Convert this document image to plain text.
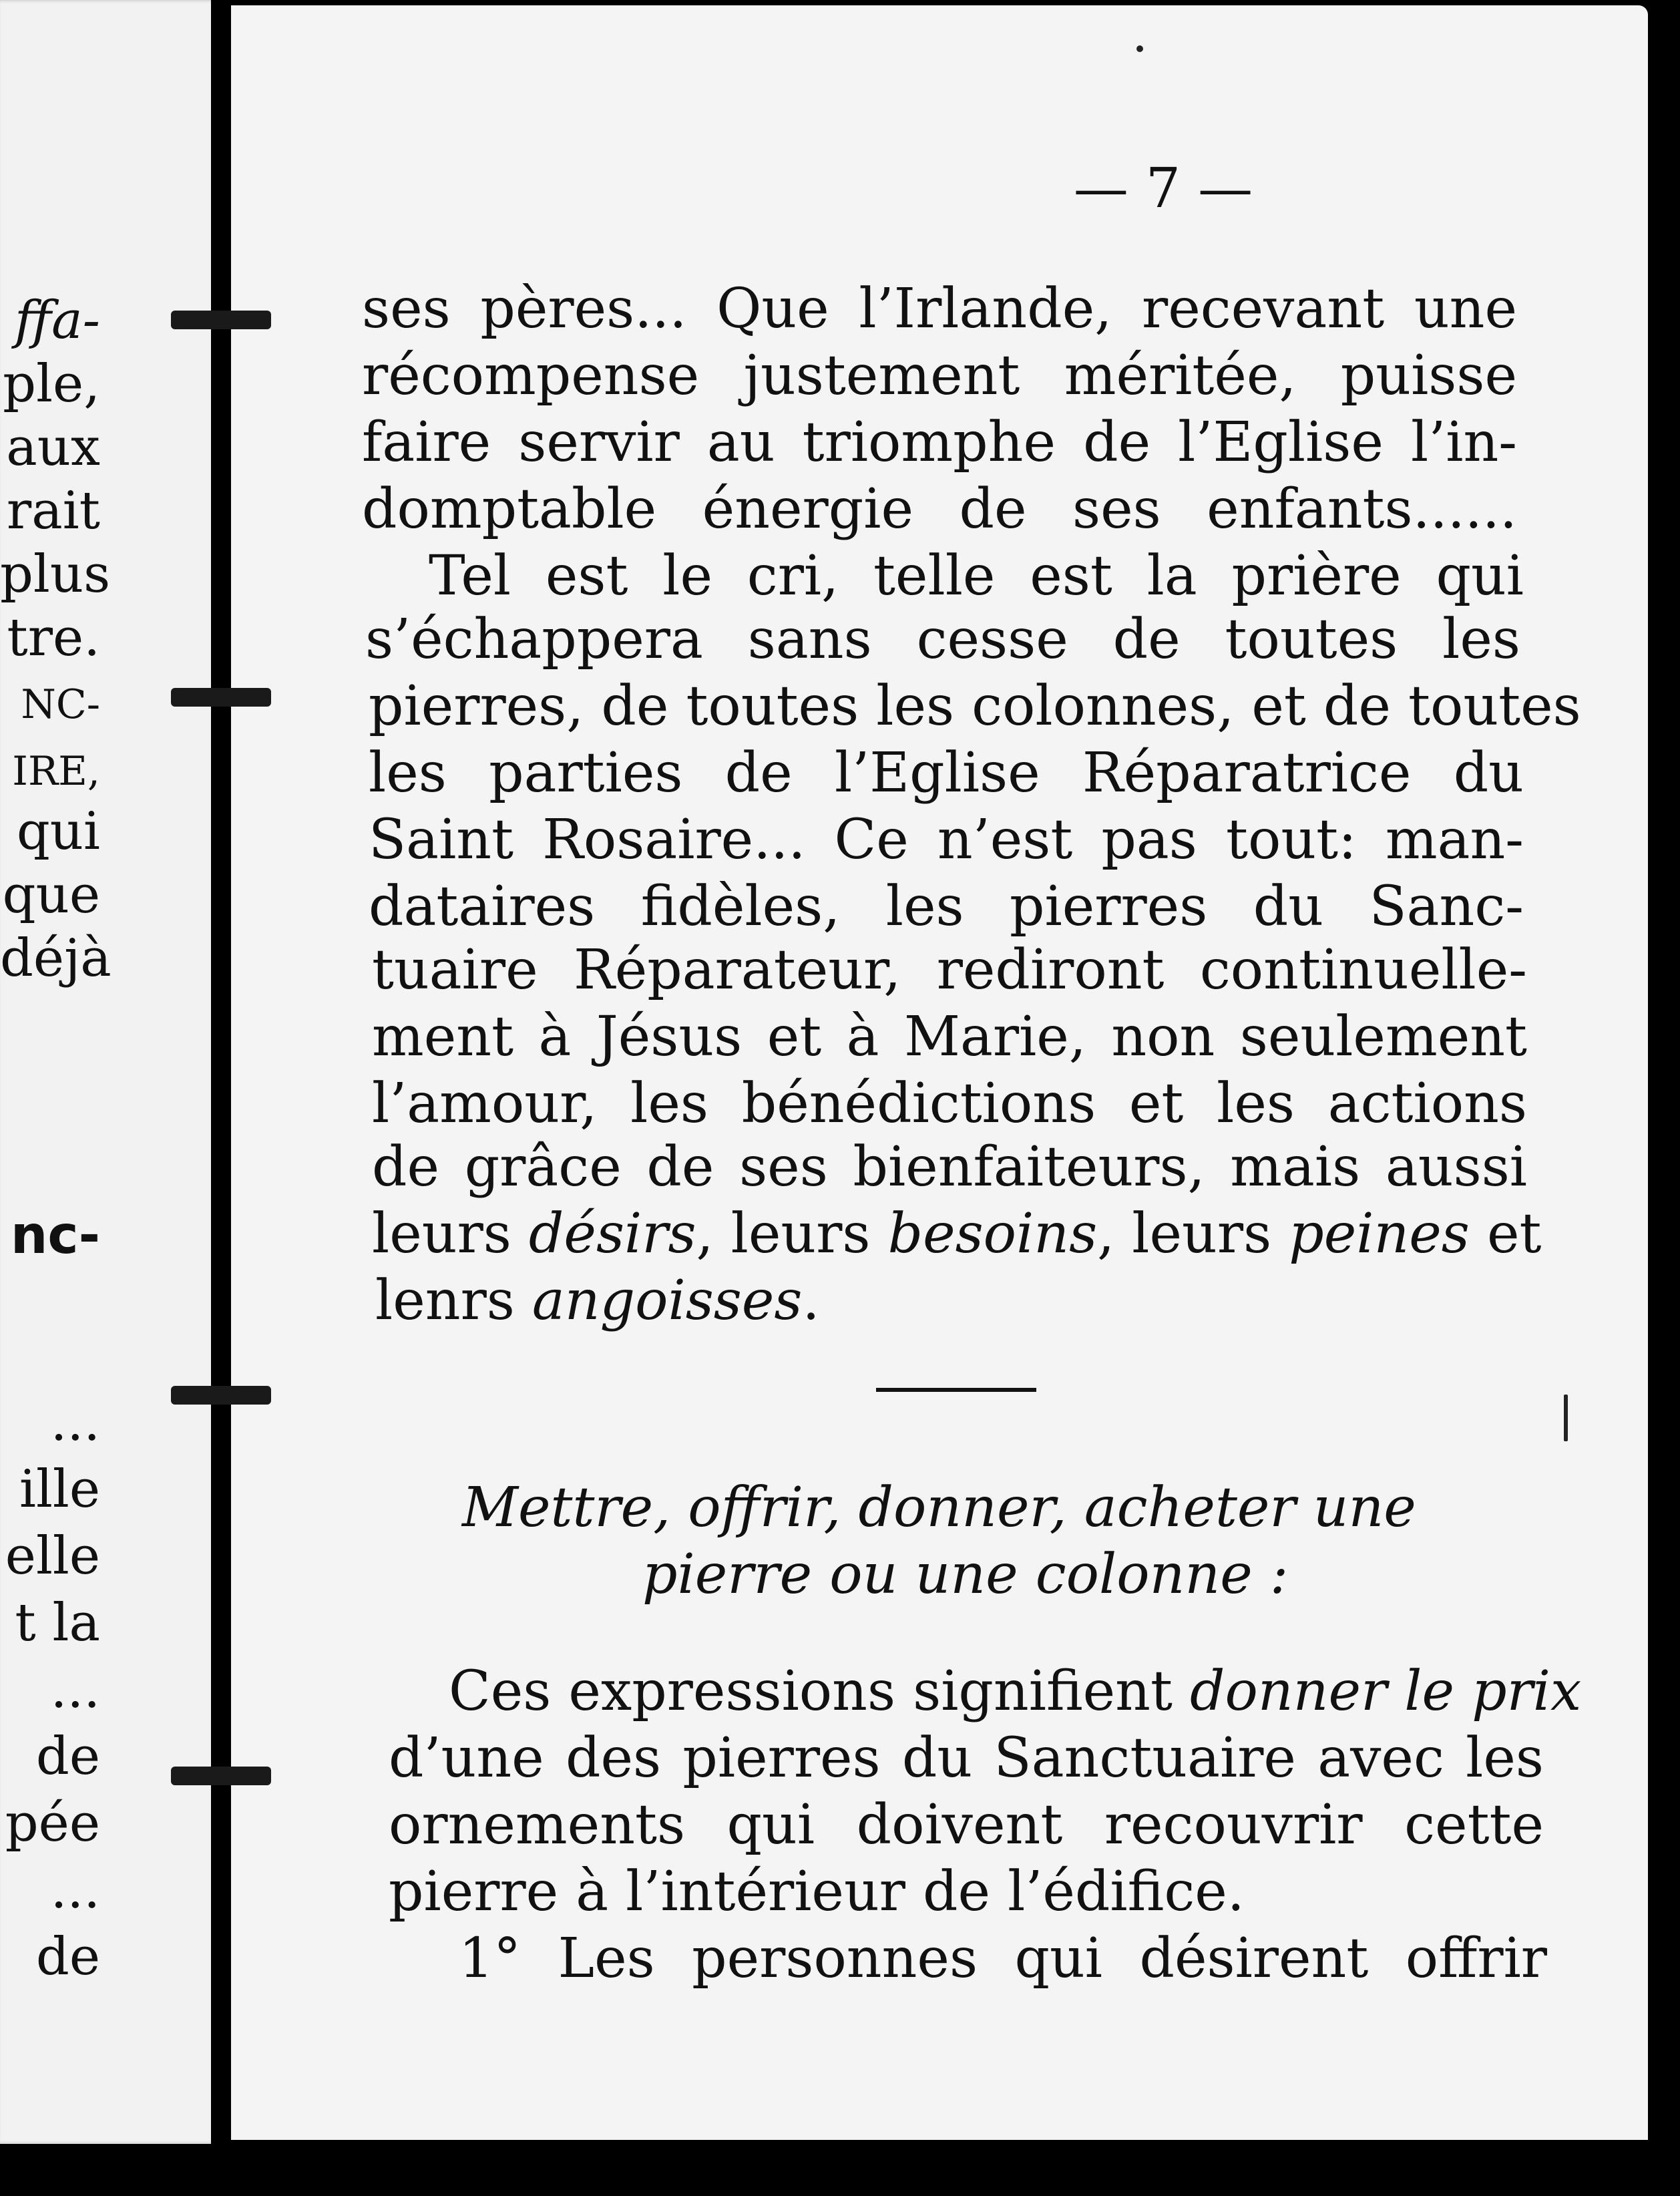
ffa-
ple,
aux
rait
plus
tre.
NC-
IRE,
qui
que
déjà
nc-
...
ille
elle
t la
...
de
pée
...
de
— 7 —
ses pères... Que l’Irlande, recevant une
récompense justement méritée, puisse
faire servir au triomphe de l’Eglise l’in-
domptable énergie de ses enfants......
Tel est le cri, telle est la prière qui
s’échappera sans cesse de toutes les
pierres, de toutes les colonnes, et de toutes
les parties de l’Eglise Réparatrice du
Saint Rosaire... Ce n’est pas tout: man-
dataires fidèles, les pierres du Sanc-
tuaire Réparateur, rediront continuelle-
ment à Jésus et à Marie, non seulement
l’amour, les bénédictions et les actions
de grâce de ses bienfaiteurs, mais aussi
leurs désirs, leurs besoins, leurs peines et
lenrs angoisses.
Mettre, offrir, donner, acheter une
pierre ou une colonne :
Ces expressions signifient donner le prix
d’une des pierres du Sanctuaire avec les
ornements qui doivent recouvrir cette
pierre à l’intérieur de l’édifice.
1° Les personnes qui désirent offrir
